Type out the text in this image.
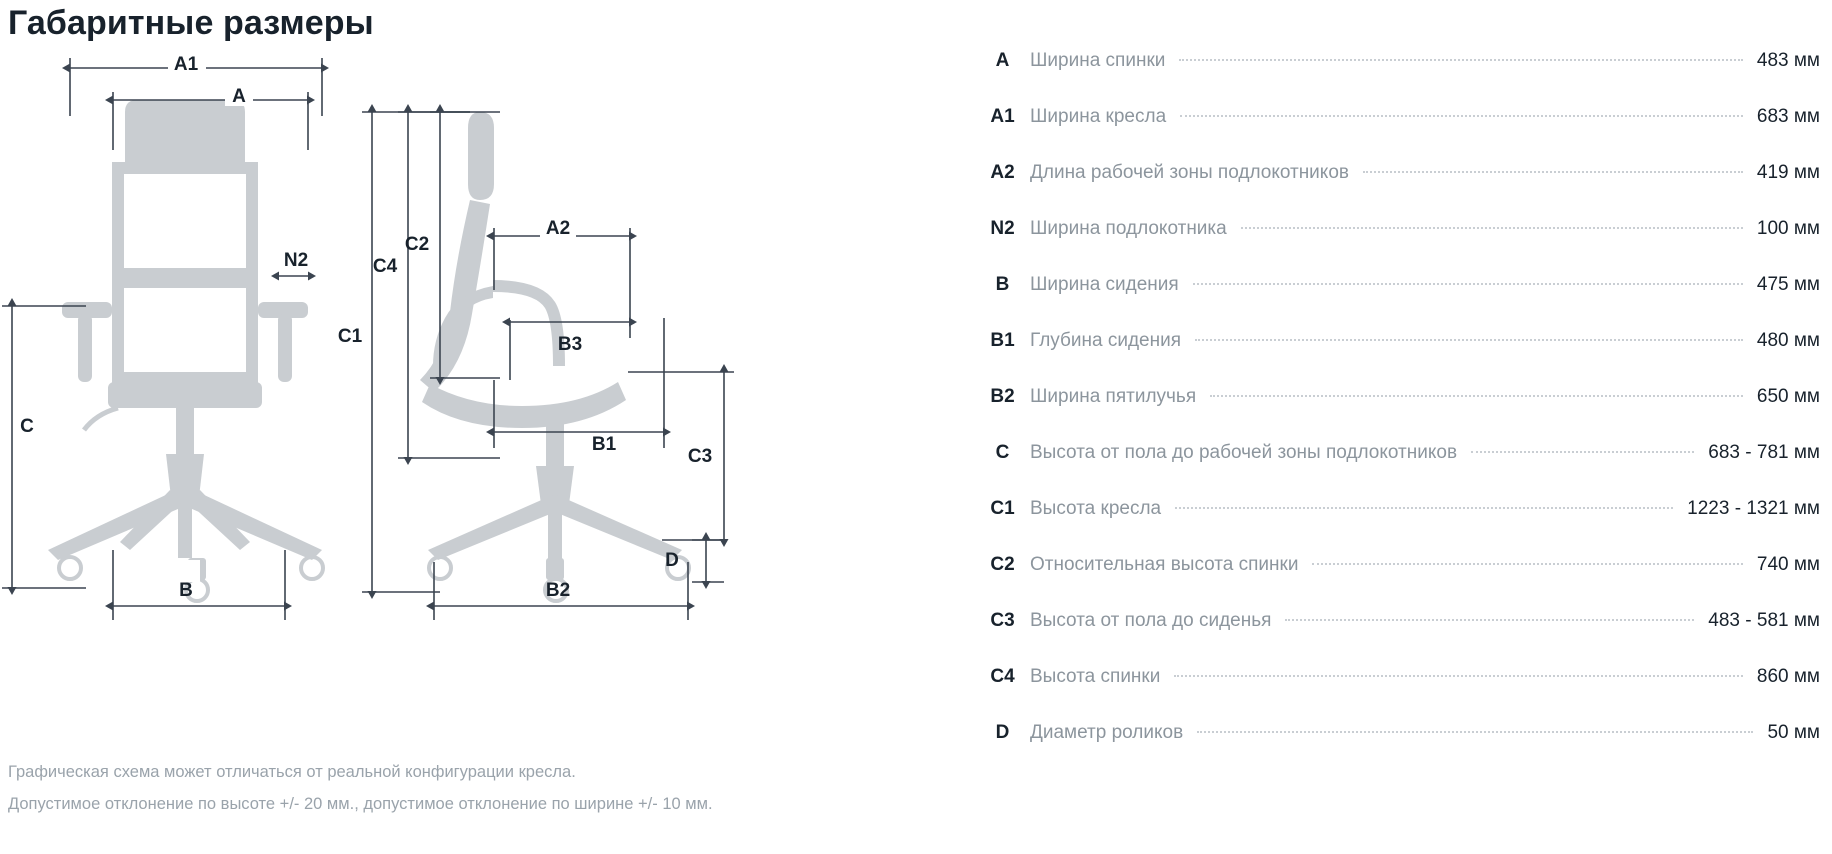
Габаритные размеры
A1
A
N2
C
B
C4
C2
C1
A2
B3
B1
C3
D
B2
Графическая схема может отличаться от реальной конфигурации кресла.
Допустимое отклонение по высоте +/- 20 мм., допустимое отклонение по ширине +/- 10 мм.
A	Ширина спинки	483 мм
A1 Ширина кресла	683 мм
A2 Длина рабочей зоны подлокотников	419 мм
N2 Ширина подлокотника	100 мм
B	Ширина сидения	475 мм
B1 Глубина сидения	480 мм
B2 Ширина пятилучья	650 мм
C	Высота от пола до рабочей зоны подлокотников	683 - 781 мм
C1 Высота кресла	1223 - 1321 мм
C2 Относительная высота спинки	740 мм
C3 Высота от пола до сиденья	483 - 581 мм
C4 Высота спинки	860 мм
D	Диаметр роликов	50 мм
